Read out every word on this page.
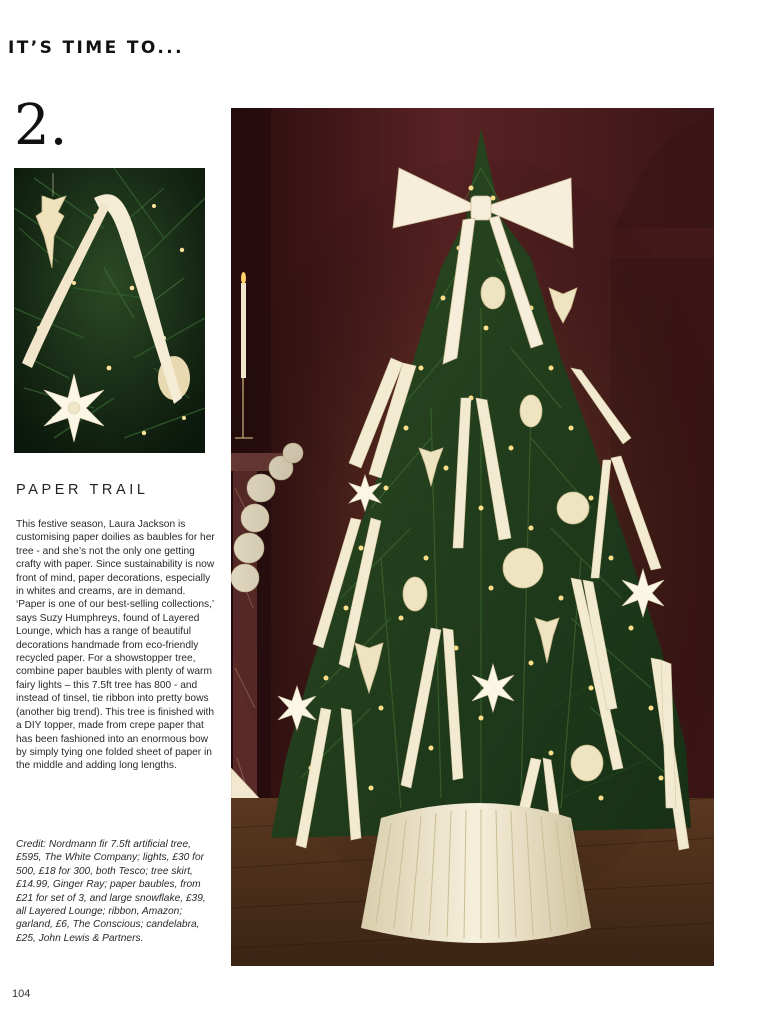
IT’S TIME TO...
2.
PAPER TRAIL

This festive season, Laura Jackson is customising paper doilies as baubles for her tree - and she’s not the only one getting crafty with paper. Since sustainability is now front of mind, paper decorations, especially in whites and creams, are in demand. ‘Paper is one of our best-selling collections,’ says Suzy Humphreys, found of Layered Lounge, which has a range of beautiful decorations handmade from eco-friendly recycled paper. For a showstopper tree, combine paper baubles with plenty of warm fairy lights – this 7.5ft tree has 800 - and instead of tinsel, tie ribbon into pretty bows (another big trend). This tree is finished with a DIY topper, made from crepe paper that has been fashioned into an enormous bow by simply tying one folded sheet of paper in the middle and adding long lengths.

Credit: Nordmann fir 7.5ft artificial tree, £595, The White Company; lights, £30 for 500, £18 for 300, both Tesco; tree skirt, £14.99, Ginger Ray; paper baubles, from £21 for set of 3, and large snowflake, £39, all Layered Lounge; ribbon, Amazon; garland, £6, The Conscious; candelabra, £25, John Lewis & Partners.

104
